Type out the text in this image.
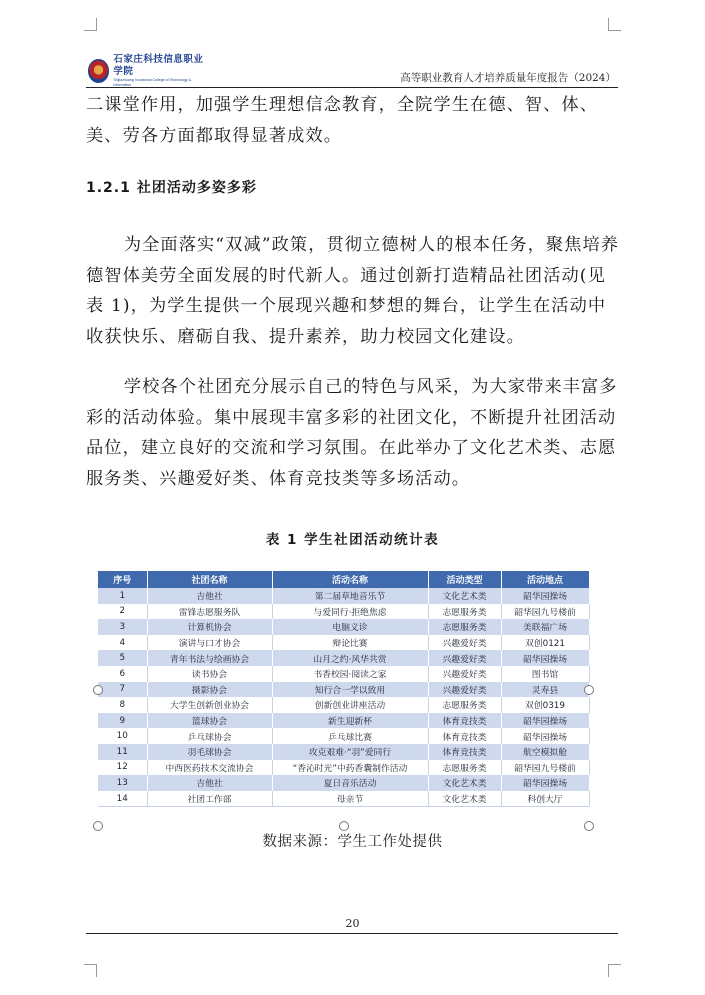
石家庄科技信息职业学院
Shijiazhuang Vocational College of Technology & Information
高等职业教育人才培养质量年度报告（2024）

二课堂作用，加强学生理想信念教育，全院学生在德、智、体、美、劳各方面都取得显著成效。

1.2.1 社团活动多姿多彩

为全面落实“双减”政策，贯彻立德树人的根本任务，聚焦培养德智体美劳全面发展的时代新人。通过创新打造精品社团活动(见表 1)，为学生提供一个展现兴趣和梦想的舞台，让学生在活动中收获快乐、磨砺自我、提升素养，助力校园文化建设。

学校各个社团充分展示自己的特色与风采，为大家带来丰富多彩的活动体验。集中展现丰富多彩的社团文化，不断提升社团活动品位，建立良好的交流和学习氛围。在此举办了文化艺术类、志愿服务类、兴趣爱好类、体育竞技类等多场活动。

表 1 学生社团活动统计表
序号	社团名称	活动名称	活动类型	活动地点
1	吉他社	第二届草地音乐节	文化艺术类	韶华园操场
2	雷锋志愿服务队	与爱同行·拒绝焦虑	志愿服务类	韶华园九号楼前
3	计算机协会	电脑义诊	志愿服务类	美联福广场
4	演讲与口才协会	辩论比赛	兴趣爱好类	双创0121
5	青年书法与绘画协会	山月之约·风华共赏	兴趣爱好类	韶华园操场
6	读书协会	书香校园·阅读之家	兴趣爱好类	图书馆
7	摄影协会	知行合一学以致用	兴趣爱好类	灵寿县
8	大学生创新创业协会	创新创业讲座活动	志愿服务类	双创0319
9	篮球协会	新生迎新杯	体育竞技类	韶华园操场
10	乒乓球协会	乒乓球比赛	体育竞技类	韶华园操场
11	羽毛球协会	攻克艰难·“羽”爱同行	体育竞技类	航空模拟舱
12	中西医药技术交流协会	“香沁时光”中药香囊制作活动	志愿服务类	韶华园九号楼前
13	吉他社	夏日音乐活动	文化艺术类	韶华园操场
14	社团工作部	母亲节	文化艺术类	科创大厅
数据来源：学生工作处提供
20
